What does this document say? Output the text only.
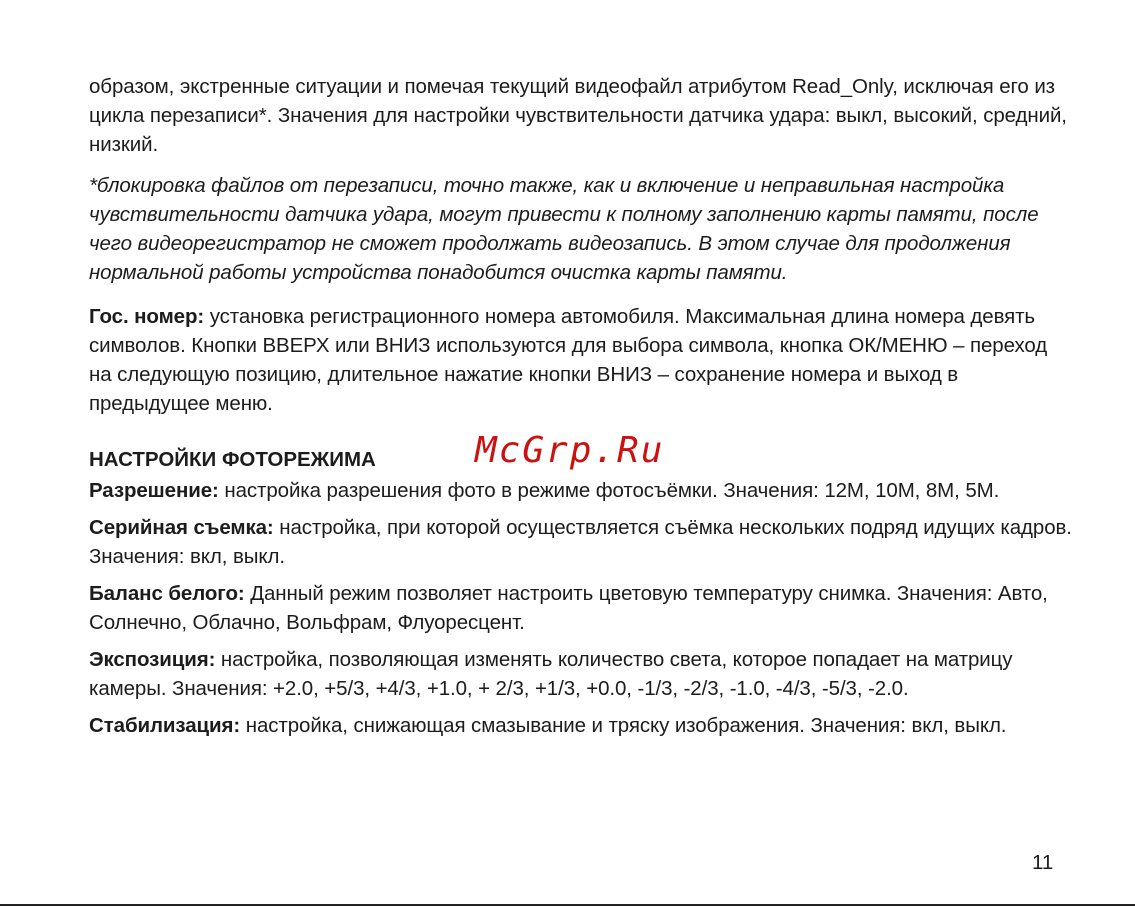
образом, экстренные ситуации и помечая текущий видеофайл атрибутом Read_Only, исключая его из цикла перезаписи*. Значения для настройки чувствительности датчика удара: выкл, высокий, средний, низкий.

*блокировка файлов от перезаписи, точно также, как и включение и неправильная настройка чувствительности датчика удара, могут привести к полному заполнению карты памяти, после чего видеорегистратор не сможет продолжать видеозапись. В этом случае для продолжения нормальной работы устройства понадобится очистка карты памяти.

Гос. номер: установка регистрационного номера автомобиля. Максимальная длина номера девять символов. Кнопки ВВЕРХ или ВНИЗ используются для выбора символа, кнопка ОК/МЕНЮ – переход на следующую позицию, длительное нажатие кнопки ВНИЗ – сохранение номера и выход в предыдущее меню.

НАСТРОЙКИ ФОТОРЕЖИМА	McGrp.Ru

Разрешение: настройка разрешения фото в режиме фотосъёмки. Значения: 12M, 10M, 8M, 5M.

Серийная съемка: настройка, при которой осуществляется съёмка нескольких подряд идущих кадров. Значения: вкл, выкл.

Баланс белого: Данный режим позволяет настроить цветовую температуру снимка. Значения: Авто, Солнечно, Облачно, Вольфрам, Флуоресцент.

Экспозиция: настройка, позволяющая изменять количество света, которое попадает на матрицу камеры. Значения: +2.0, +5/3, +4/3, +1.0, + 2/3, +1/3, +0.0, -1/3, -2/3, -1.0, -4/3, -5/3, -2.0.

Стабилизация: настройка, снижающая смазывание и тряску изображения. Значения: вкл, выкл.

11
